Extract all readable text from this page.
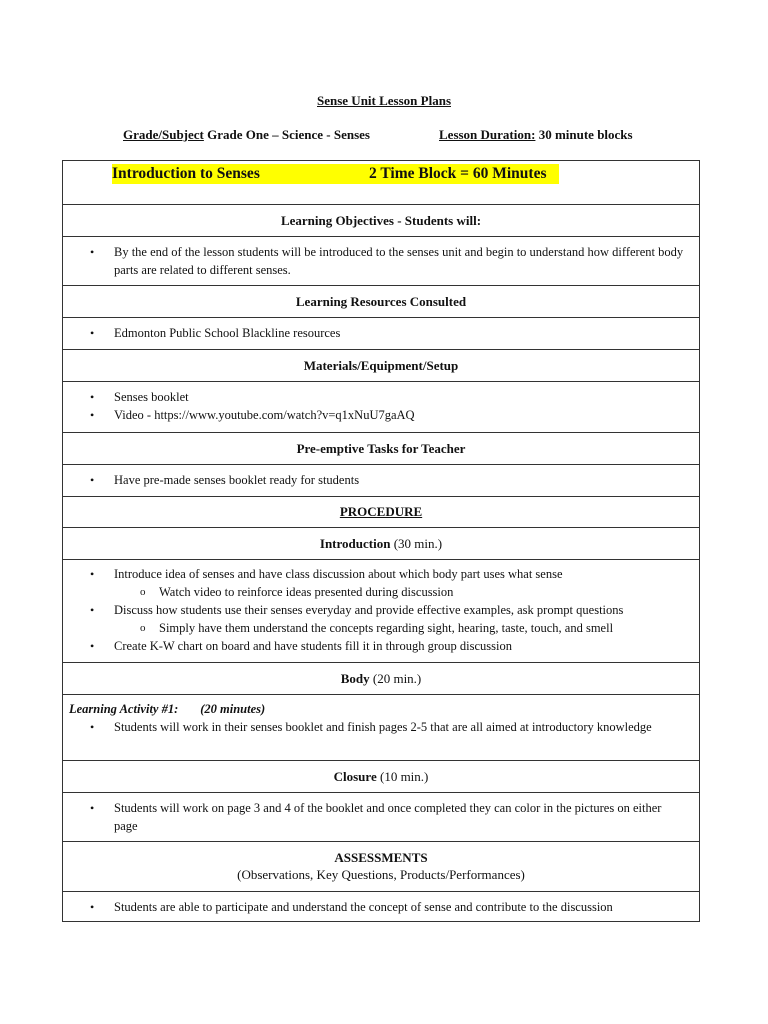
Sense Unit Lesson Plans
Grade/Subject Grade One – Science - Senses	Lesson Duration: 30 minute blocks
Introduction to Senses	2 Time Block = 60 Minutes
Learning Objectives - Students will:
• By the end of the lesson students will be introduced to the senses unit and begin to understand how different body parts are related to different senses.
Learning Resources Consulted
• Edmonton Public School Blackline resources
Materials/Equipment/Setup
• Senses booklet
• Video - https://www.youtube.com/watch?v=q1xNuU7gaAQ
Pre-emptive Tasks for Teacher
• Have pre-made senses booklet ready for students
PROCEDURE
Introduction (30 min.)
• Introduce idea of senses and have class discussion about which body part uses what sense
o Watch video to reinforce ideas presented during discussion
• Discuss how students use their senses everyday and provide effective examples, ask prompt questions
o Simply have them understand the concepts regarding sight, hearing, taste, touch, and smell
• Create K-W chart on board and have students fill it in through group discussion
Body (20 min.)
Learning Activity #1: (20 minutes)
• Students will work in their senses booklet and finish pages 2-5 that are all aimed at introductory knowledge
Closure (10 min.)
• Students will work on page 3 and 4 of the booklet and once completed they can color in the pictures on either page
ASSESSMENTS
(Observations, Key Questions, Products/Performances)
• Students are able to participate and understand the concept of sense and contribute to the discussion
